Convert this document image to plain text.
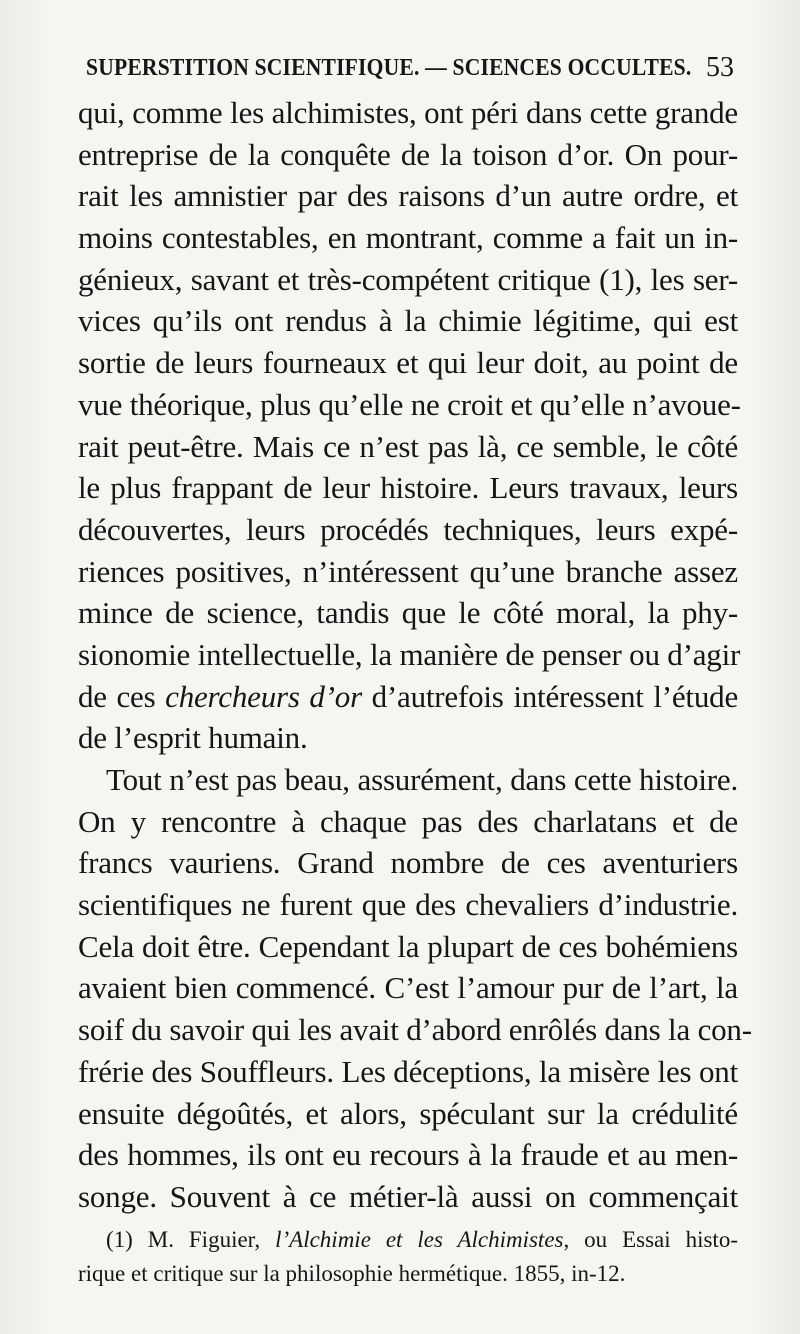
SUPERSTITION SCIENTIFIQUE. — SCIENCES OCCULTES. 53
qui, comme les alchimistes, ont péri dans cette grande
entreprise de la conquête de la toison d’or. On pour-
rait les amnistier par des raisons d’un autre ordre, et
moins contestables, en montrant, comme a fait un in-
génieux, savant et très-compétent critique (1), les ser-
vices qu’ils ont rendus à la chimie légitime, qui est
sortie de leurs fourneaux et qui leur doit, au point de
vue théorique, plus qu’elle ne croit et qu’elle n’avoue-
rait peut-être. Mais ce n’est pas là, ce semble, le côté
le plus frappant de leur histoire. Leurs travaux, leurs
découvertes, leurs procédés techniques, leurs expé-
riences positives, n’intéressent qu’une branche assez
mince de science, tandis que le côté moral, la phy-
sionomie intellectuelle, la manière de penser ou d’agir
de ces chercheurs d’or d’autrefois intéressent l’étude
de l’esprit humain.
Tout n’est pas beau, assurément, dans cette histoire.
On y rencontre à chaque pas des charlatans et de
francs vauriens. Grand nombre de ces aventuriers
scientifiques ne furent que des chevaliers d’industrie.
Cela doit être. Cependant la plupart de ces bohémiens
avaient bien commencé. C’est l’amour pur de l’art, la
soif du savoir qui les avait d’abord enrôlés dans la con-
frérie des Souffleurs. Les déceptions, la misère les ont
ensuite dégoûtés, et alors, spéculant sur la crédulité
des hommes, ils ont eu recours à la fraude et au men-
songe. Souvent à ce métier-là aussi on commençait
(1) M. Figuier, l’Alchimie et les Alchimistes, ou Essai histo-
rique et critique sur la philosophie hermétique. 1855, in-12.
